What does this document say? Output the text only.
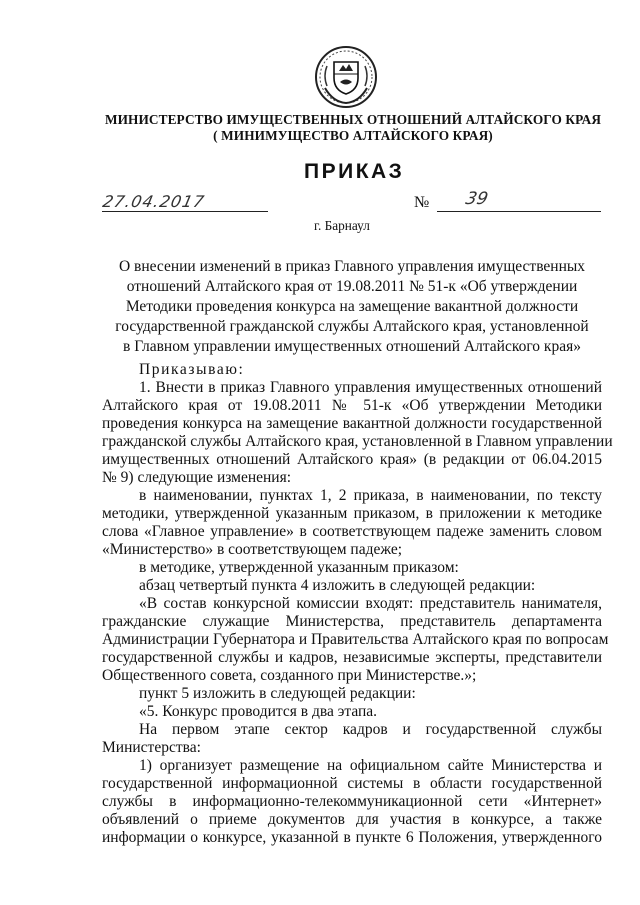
МИНИСТЕРСТВО ИМУЩЕСТВЕННЫХ ОТНОШЕНИЙ АЛТАЙСКОГО КРАЯ
( МИНИМУЩЕСТВО АЛТАЙСКОГО КРАЯ)
ПРИКАЗ
27.04.2017	№ 39
г. Барнаул
О внесении изменений в приказ Главного управления имущественных
отношений Алтайского края от 19.08.2011 № 51-к «Об утверждении
Методики проведения конкурса на замещение вакантной должности
государственной гражданской службы Алтайского края, установленной
в Главном управлении имущественных отношений Алтайского края»
Приказываю:
1. Внести в приказ Главного управления имущественных отношений
Алтайского края от 19.08.2011 № 51-к «Об утверждении Методики
проведения конкурса на замещение вакантной должности государственной
гражданской службы Алтайского края, установленной в Главном управлении
имущественных отношений Алтайского края» (в редакции от 06.04.2015
№ 9) следующие изменения:
в наименовании, пунктах 1, 2 приказа, в наименовании, по тексту
методики, утвержденной указанным приказом, в приложении к методике
слова «Главное управление» в соответствующем падеже заменить словом
«Министерство» в соответствующем падеже;
в методике, утвержденной указанным приказом:
абзац четвертый пункта 4 изложить в следующей редакции:
«В состав конкурсной комиссии входят: представитель нанимателя,
гражданские служащие Министерства, представитель департамента
Администрации Губернатора и Правительства Алтайского края по вопросам
государственной службы и кадров, независимые эксперты, представители
Общественного совета, созданного при Министерстве.»;
пункт 5 изложить в следующей редакции:
«5. Конкурс проводится в два этапа.
На первом этапе сектор кадров и государственной службы
Министерства:
1) организует размещение на официальном сайте Министерства и
государственной информационной системы в области государственной
службы в информационно-телекоммуникационной сети «Интернет»
объявлений о приеме документов для участия в конкурсе, а также
информации о конкурсе, указанной в пункте 6 Положения, утвержденного
